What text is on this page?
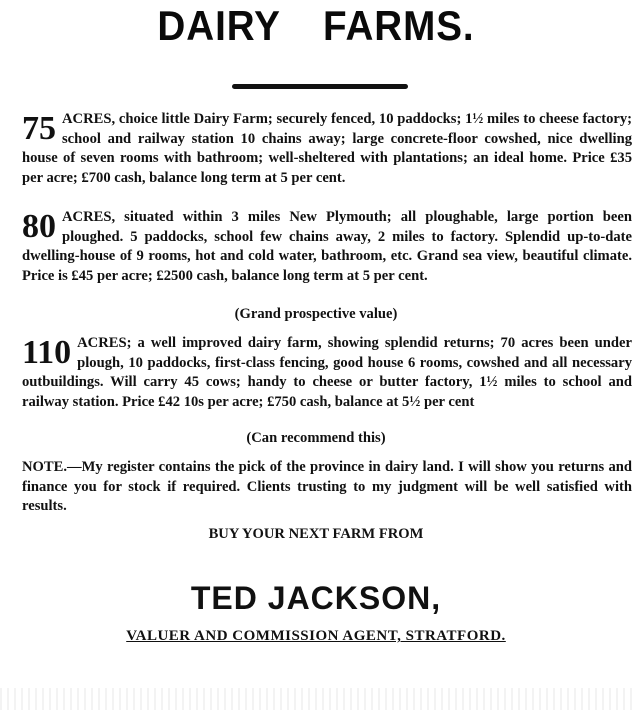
DAIRY FARMS.
75 ACRES, choice little Dairy Farm; securely fenced, 10 paddocks; 1½ miles to cheese factory; school and railway station 10 chains away; large concrete-floor cowshed, nice dwelling house of seven rooms with bathroom; well-sheltered with plantations; an ideal home. Price £35 per acre; £700 cash, balance long term at 5 per cent.
80 ACRES, situated within 3 miles New Plymouth; all ploughable, large portion been ploughed. 5 paddocks, school few chains away, 2 miles to factory. Splendid up-to-date dwelling-house of 9 rooms, hot and cold water, bathroom, etc. Grand sea view, beautiful climate. Price is £45 per acre; £2500 cash, balance long term at 5 per cent.
(Grand prospective value)
110 ACRES; a well improved dairy farm, showing splendid returns; 70 acres been under plough, 10 paddocks, first-class fencing, good house 6 rooms, cowshed and all necessary outbuildings. Will carry 45 cows; handy to cheese or butter factory, 1½ miles to school and railway station. Price £42 10s per acre; £750 cash, balance at 5½ per cent
(Can recommend this)
NOTE.—My register contains the pick of the province in dairy land. I will show you returns and finance you for stock if required. Clients trusting to my judgment will be well satisfied with results.
BUY YOUR NEXT FARM FROM
TED JACKSON,
VALUER AND COMMISSION AGENT, STRATFORD.
